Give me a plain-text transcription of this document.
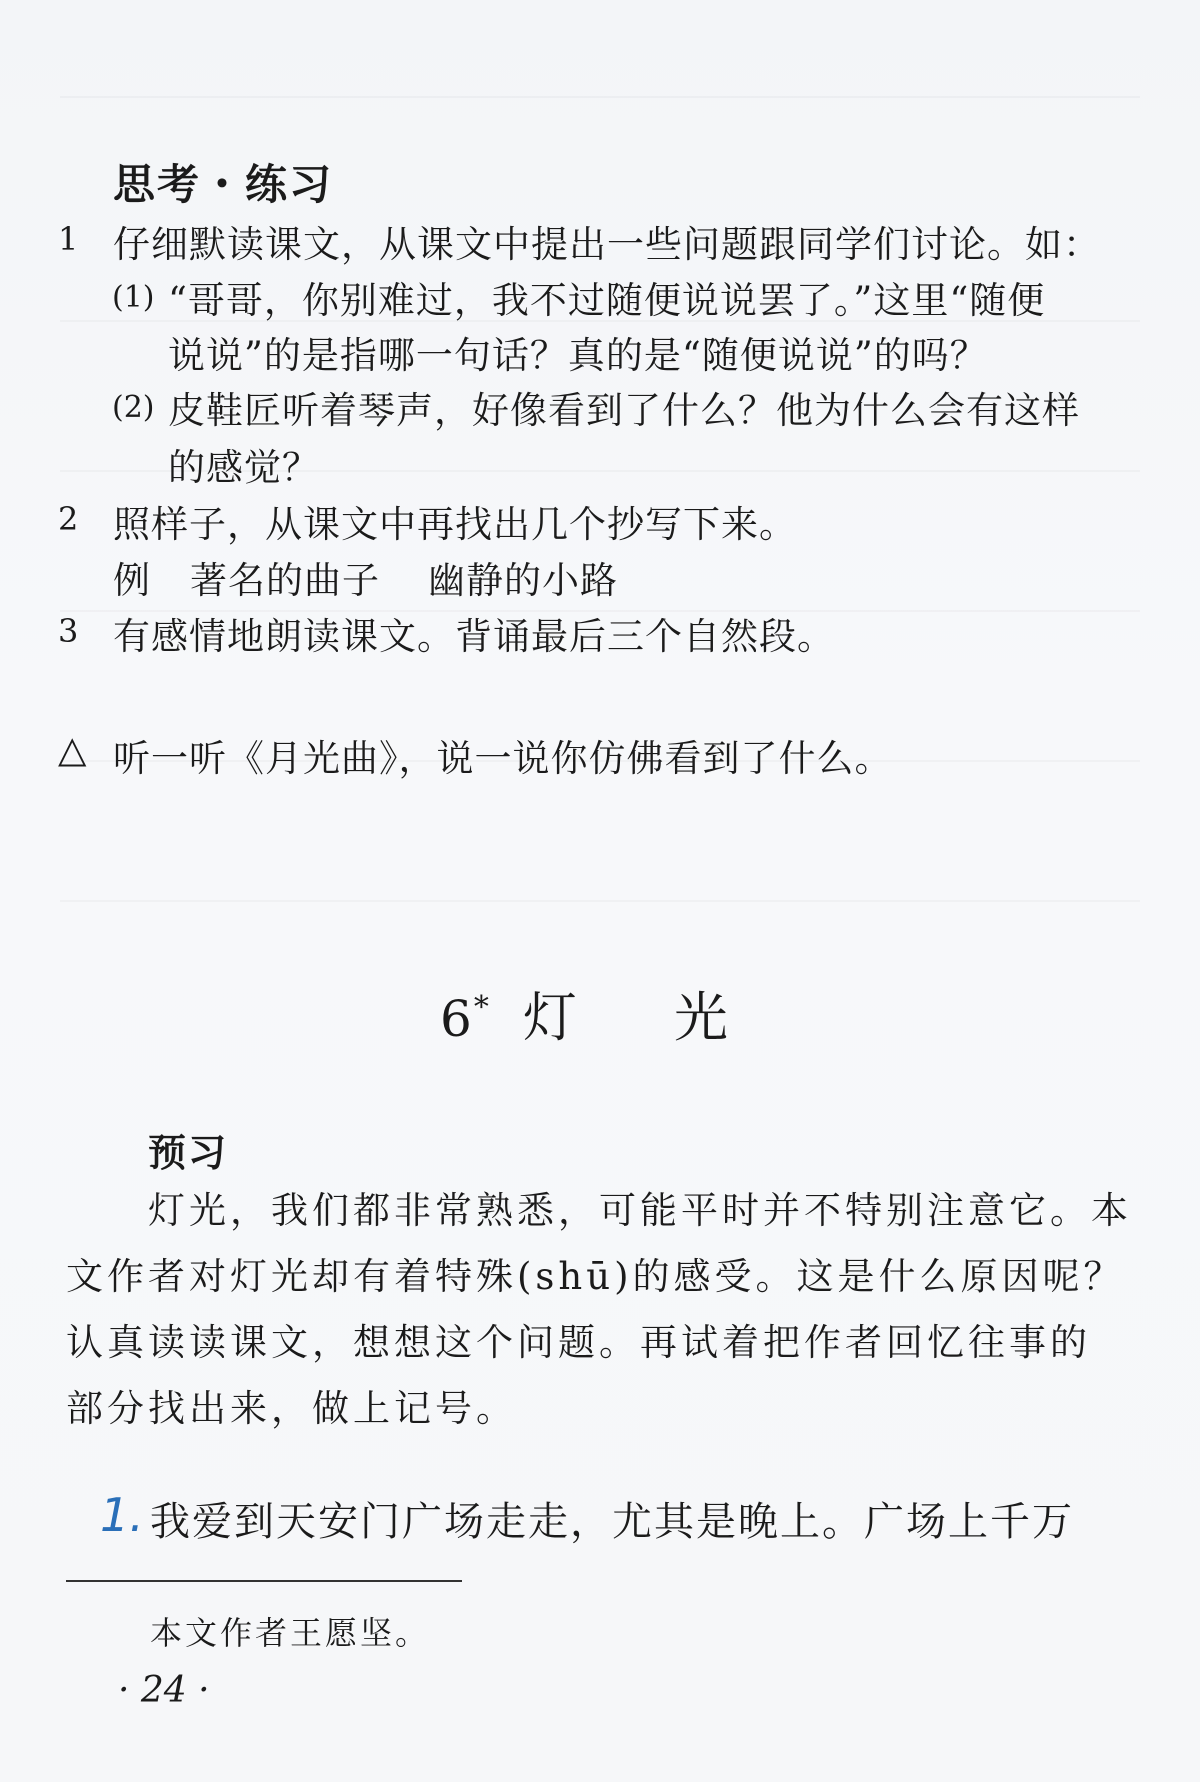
思考・练习
1 仔细默读课文，从课文中提出一些问题跟同学们讨论。如：
(1) “哥哥，你别难过，我不过随便说说罢了。”这里“随便
说说”的是指哪一句话？真的是“随便说说”的吗？
(2) 皮鞋匠听着琴声，好像看到了什么？他为什么会有这样
的感觉？
2 照样子，从课文中再找出几个抄写下来。
例 著名的曲子 幽静的小路
3 有感情地朗读课文。背诵最后三个自然段。
△ 听一听《月光曲》，说一说你仿佛看到了什么。
6* 灯 光
预习
灯光，我们都非常熟悉，可能平时并不特别注意它。本
文作者对灯光却有着特殊(shū)的感受。这是什么原因呢？
认真读读课文，想想这个问题。再试着把作者回忆往事的
部分找出来，做上记号。
1. 我爱到天安门广场走走，尤其是晚上。广场上千万
本文作者王愿坚。
· 24 ·
